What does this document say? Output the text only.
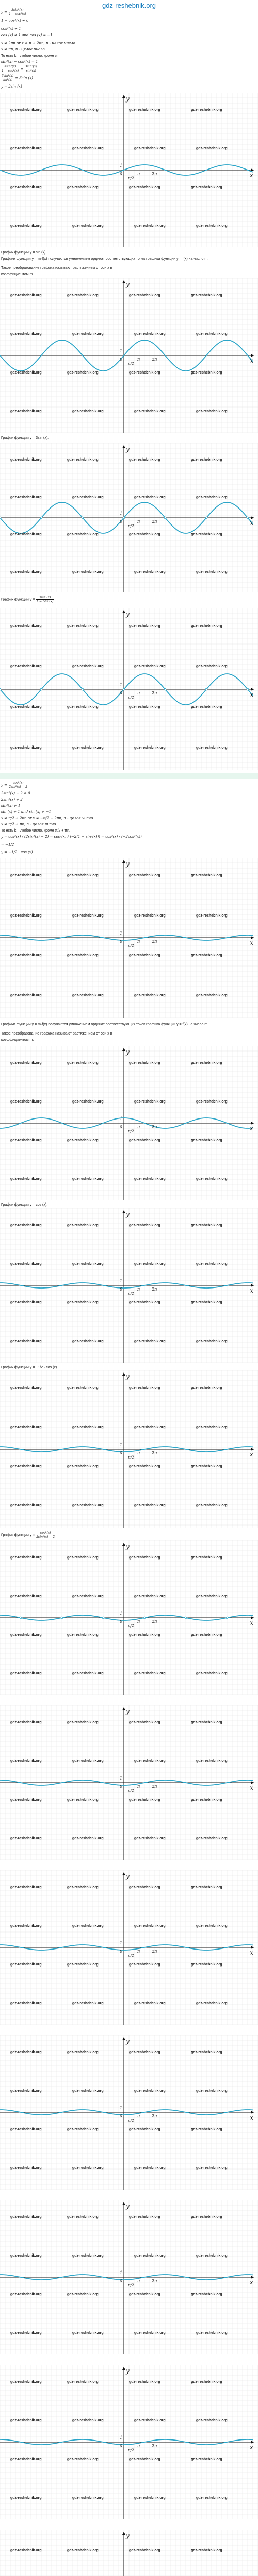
gdz-reshebnik.org
$y = \frac{\text{3sin²(x)}}{\text{1 − cos²(x)}}$
1 − cos²(x) ≠ 0
cos²(x) ≠ 1
cos (x) ≠ 1 and cos (x) ≠ −1
x ≠ 2πn or x ≠ π + 2πn, n - целое число.
x ≠ πn, n - целое число.
То есть k – любое число, кроме πn.
sin²(x) + cos²(x) = 1
$\frac{\text{3sin²(x)}}{\text{1 − cos²(x)}} = \frac{\text{3sin²(x)}}{\text{sin²(x)}}$
$\frac{\text{3sin²(x)}}{\text{sin²(x)}} = 3\sin$ (x)
y = 3sin (x)
x
y
0
1
π	2π
π/2
gdz-reshebnik.org	gdz-reshebnik.org	gdz-reshebnik.org	gdz-reshebnik.org
gdz-reshebnik.org	gdz-reshebnik.org	gdz-reshebnik.org	gdz-reshebnik.org
gdz-reshebnik.org	gdz-reshebnik.org	gdz-reshebnik.org	gdz-reshebnik.org
gdz-reshebnik.org	gdz-reshebnik.org	gdz-reshebnik.org	gdz-reshebnik.org
x
y
0
1
π	2π
π/2
gdz-reshebnik.org	gdz-reshebnik.org	gdz-reshebnik.org	gdz-reshebnik.org
gdz-reshebnik.org	gdz-reshebnik.org	gdz-reshebnik.org	gdz-reshebnik.org
gdz-reshebnik.org	gdz-reshebnik.org	gdz-reshebnik.org	gdz-reshebnik.org
gdz-reshebnik.org	gdz-reshebnik.org	gdz-reshebnik.org	gdz-reshebnik.org
x
y
0
1
π	2π
π/2
gdz-reshebnik.org	gdz-reshebnik.org	gdz-reshebnik.org	gdz-reshebnik.org
gdz-reshebnik.org	gdz-reshebnik.org	gdz-reshebnik.org	gdz-reshebnik.org
gdz-reshebnik.org	gdz-reshebnik.org	gdz-reshebnik.org	gdz-reshebnik.org
gdz-reshebnik.org	gdz-reshebnik.org	gdz-reshebnik.org	gdz-reshebnik.org
x
y
0
1
π	2π
π/2
gdz-reshebnik.org	gdz-reshebnik.org	gdz-reshebnik.org	gdz-reshebnik.org
gdz-reshebnik.org	gdz-reshebnik.org	gdz-reshebnik.org	gdz-reshebnik.org
gdz-reshebnik.org	gdz-reshebnik.org	gdz-reshebnik.org	gdz-reshebnik.org
gdz-reshebnik.org	gdz-reshebnik.org	gdz-reshebnik.org	gdz-reshebnik.org
x
y
0
1
π	2π
π/2
gdz-reshebnik.org	gdz-reshebnik.org	gdz-reshebnik.org	gdz-reshebnik.org
gdz-reshebnik.org	gdz-reshebnik.org	gdz-reshebnik.org	gdz-reshebnik.org
gdz-reshebnik.org	gdz-reshebnik.org	gdz-reshebnik.org	gdz-reshebnik.org
gdz-reshebnik.org	gdz-reshebnik.org	gdz-reshebnik.org	gdz-reshebnik.org
x
y
0
1
π	2π
π/2
gdz-reshebnik.org	gdz-reshebnik.org	gdz-reshebnik.org	gdz-reshebnik.org
gdz-reshebnik.org	gdz-reshebnik.org	gdz-reshebnik.org	gdz-reshebnik.org
gdz-reshebnik.org	gdz-reshebnik.org	gdz-reshebnik.org	gdz-reshebnik.org
gdz-reshebnik.org	gdz-reshebnik.org	gdz-reshebnik.org	gdz-reshebnik.org
x
y
0
1
π	2π
π/2
gdz-reshebnik.org	gdz-reshebnik.org	gdz-reshebnik.org	gdz-reshebnik.org
gdz-reshebnik.org	gdz-reshebnik.org	gdz-reshebnik.org	gdz-reshebnik.org
gdz-reshebnik.org	gdz-reshebnik.org	gdz-reshebnik.org	gdz-reshebnik.org
gdz-reshebnik.org	gdz-reshebnik.org	gdz-reshebnik.org	gdz-reshebnik.org
x
y
0
1
π	2π
π/2
gdz-reshebnik.org	gdz-reshebnik.org	gdz-reshebnik.org	gdz-reshebnik.org
gdz-reshebnik.org	gdz-reshebnik.org	gdz-reshebnik.org	gdz-reshebnik.org
gdz-reshebnik.org	gdz-reshebnik.org	gdz-reshebnik.org	gdz-reshebnik.org
gdz-reshebnik.org	gdz-reshebnik.org	gdz-reshebnik.org	gdz-reshebnik.org
x
y
0
1
π	2π
π/2
gdz-reshebnik.org	gdz-reshebnik.org	gdz-reshebnik.org	gdz-reshebnik.org
gdz-reshebnik.org	gdz-reshebnik.org	gdz-reshebnik.org	gdz-reshebnik.org
gdz-reshebnik.org	gdz-reshebnik.org	gdz-reshebnik.org	gdz-reshebnik.org
gdz-reshebnik.org	gdz-reshebnik.org	gdz-reshebnik.org	gdz-reshebnik.org
x
y
0
1
π	2π
π/2
gdz-reshebnik.org	gdz-reshebnik.org	gdz-reshebnik.org	gdz-reshebnik.org
gdz-reshebnik.org	gdz-reshebnik.org	gdz-reshebnik.org	gdz-reshebnik.org
gdz-reshebnik.org	gdz-reshebnik.org	gdz-reshebnik.org	gdz-reshebnik.org
gdz-reshebnik.org	gdz-reshebnik.org	gdz-reshebnik.org	gdz-reshebnik.org
x
y
0
1
π	2π
π/2
gdz-reshebnik.org	gdz-reshebnik.org	gdz-reshebnik.org	gdz-reshebnik.org
gdz-reshebnik.org	gdz-reshebnik.org	gdz-reshebnik.org	gdz-reshebnik.org
gdz-reshebnik.org	gdz-reshebnik.org	gdz-reshebnik.org	gdz-reshebnik.org
gdz-reshebnik.org	gdz-reshebnik.org	gdz-reshebnik.org	gdz-reshebnik.org
x
y
0
1
π	2π
π/2
gdz-reshebnik.org	gdz-reshebnik.org	gdz-reshebnik.org	gdz-reshebnik.org
gdz-reshebnik.org	gdz-reshebnik.org	gdz-reshebnik.org	gdz-reshebnik.org
gdz-reshebnik.org	gdz-reshebnik.org	gdz-reshebnik.org	gdz-reshebnik.org
gdz-reshebnik.org	gdz-reshebnik.org	gdz-reshebnik.org	gdz-reshebnik.org
x
y
0
1
π	2π
π/2
gdz-reshebnik.org	gdz-reshebnik.org	gdz-reshebnik.org	gdz-reshebnik.org
gdz-reshebnik.org	gdz-reshebnik.org	gdz-reshebnik.org	gdz-reshebnik.org
gdz-reshebnik.org	gdz-reshebnik.org	gdz-reshebnik.org	gdz-reshebnik.org
gdz-reshebnik.org	gdz-reshebnik.org	gdz-reshebnik.org	gdz-reshebnik.org
x
y
0
1
π	2π
π/2
gdz-reshebnik.org	gdz-reshebnik.org	gdz-reshebnik.org	gdz-reshebnik.org
gdz-reshebnik.org	gdz-reshebnik.org	gdz-reshebnik.org	gdz-reshebnik.org
gdz-reshebnik.org	gdz-reshebnik.org	gdz-reshebnik.org	gdz-reshebnik.org
gdz-reshebnik.org	gdz-reshebnik.org	gdz-reshebnik.org	gdz-reshebnik.org
y
gdz-reshebnik.org	gdz-reshebnik.org	gdz-reshebnik.org	gdz-reshebnik.org
График функции y = sin (x).
Графики функции y = m·f(x) получаются умножением ординат соответствующих точек графика функции y = f(x) на число m.
Такое преобразование графика называют растяжением от оси x в
коэффициентом m.
График функции y = 3sin (x).
График функции $y = \frac{\text{3sin²(x)}}{\text{1 − cos²(x)}}$
$y = \frac{\text{cos²(x)}}{\text{2sin²(x) − 2}}$
2sin²(x) − 2 ≠ 0
2sin²(x) ≠ 2
sin²(x) ≠ 1
sin (x) ≠ 1 and sin (x) ≠ −1
x ≠ π/2 + 2πn or x ≠ −π/2 + 2πn, n - целое число.
x ≠ π/2 + πn, n - целое число.
То есть k – любое число, кроме π/2 + πn.
y = cos²(x) / (2sin²(x) − 2) = cos²(x) / (−2(1 − sin²(x))) = cos²(x) / (−2cos²(x))
= −1/2
y = −1/2 · cos (x)
Графики функции y = m·f(x) получаются умножением ординат соответствующих точек графика функции y = f(x) на число m.
Такое преобразование графика называют растяжением от оси x в
коэффициентом m.
График функции y = cos (x).
График функции y = −1/2 · cos (x).
График функции $y = \frac{\text{cos²(x)}}{\text{2sin²(x) − 2}}$
